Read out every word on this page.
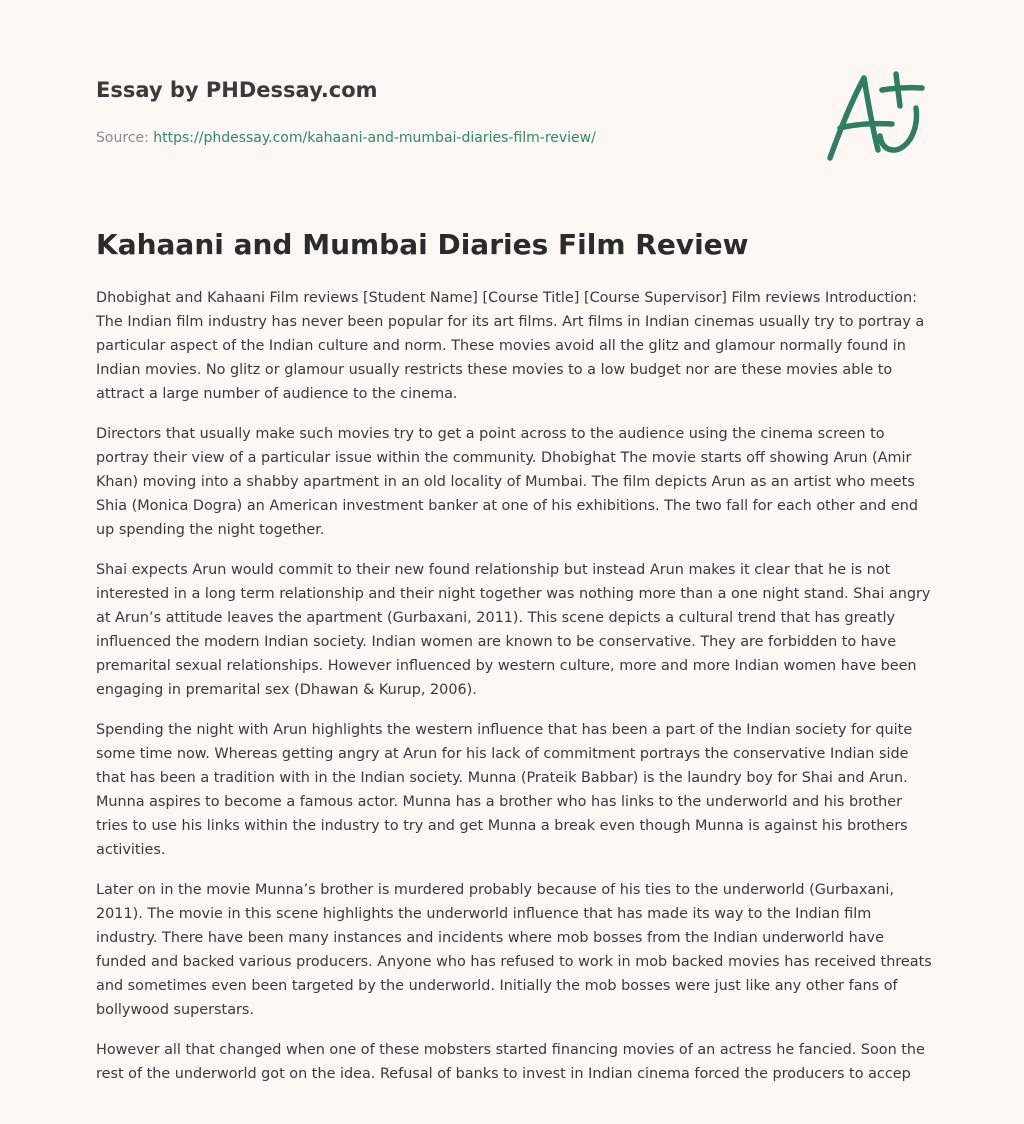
Essay by PHDessay.com
Source: https://phdessay.com/kahaani-and-mumbai-diaries-film-review/
Kahaani and Mumbai Diaries Film Review

Dhobighat and Kahaani Film reviews [Student Name] [Course Title] [Course Supervisor] Film reviews Introduction: The Indian film industry has never been popular for its art films. Art films in Indian cinemas usually try to portray a particular aspect of the Indian culture and norm. These movies avoid all the glitz and glamour normally found in Indian movies. No glitz or glamour usually restricts these movies to a low budget nor are these movies able to attract a large number of audience to the cinema.

Directors that usually make such movies try to get a point across to the audience using the cinema screen to portray their view of a particular issue within the community. Dhobighat The movie starts off showing Arun (Amir Khan) moving into a shabby apartment in an old locality of Mumbai. The film depicts Arun as an artist who meets Shia (Monica Dogra) an American investment banker at one of his exhibitions. The two fall for each other and end up spending the night together.

Shai expects Arun would commit to their new found relationship but instead Arun makes it clear that he is not interested in a long term relationship and their night together was nothing more than a one night stand. Shai angry at Arun’s attitude leaves the apartment (Gurbaxani, 2011). This scene depicts a cultural trend that has greatly influenced the modern Indian society. Indian women are known to be conservative. They are forbidden to have premarital sexual relationships. However influenced by western culture, more and more Indian women have been engaging in premarital sex (Dhawan & Kurup, 2006).

Spending the night with Arun highlights the western influence that has been a part of the Indian society for quite some time now. Whereas getting angry at Arun for his lack of commitment portrays the conservative Indian side that has been a tradition with in the Indian society. Munna (Prateik Babbar) is the laundry boy for Shai and Arun. Munna aspires to become a famous actor. Munna has a brother who has links to the underworld and his brother tries to use his links within the industry to try and get Munna a break even though Munna is against his brothers activities.

Later on in the movie Munna’s brother is murdered probably because of his ties to the underworld (Gurbaxani, 2011). The movie in this scene highlights the underworld influence that has made its way to the Indian film industry. There have been many instances and incidents where mob bosses from the Indian underworld have funded and backed various producers. Anyone who has refused to work in mob backed movies has received threats and sometimes even been targeted by the underworld. Initially the mob bosses were just like any other fans of bollywood superstars.

However all that changed when one of these mobsters started financing movies of an actress he fancied. Soon the rest of the underworld got on the idea. Refusal of banks to invest in Indian cinema forced the producers to accep
